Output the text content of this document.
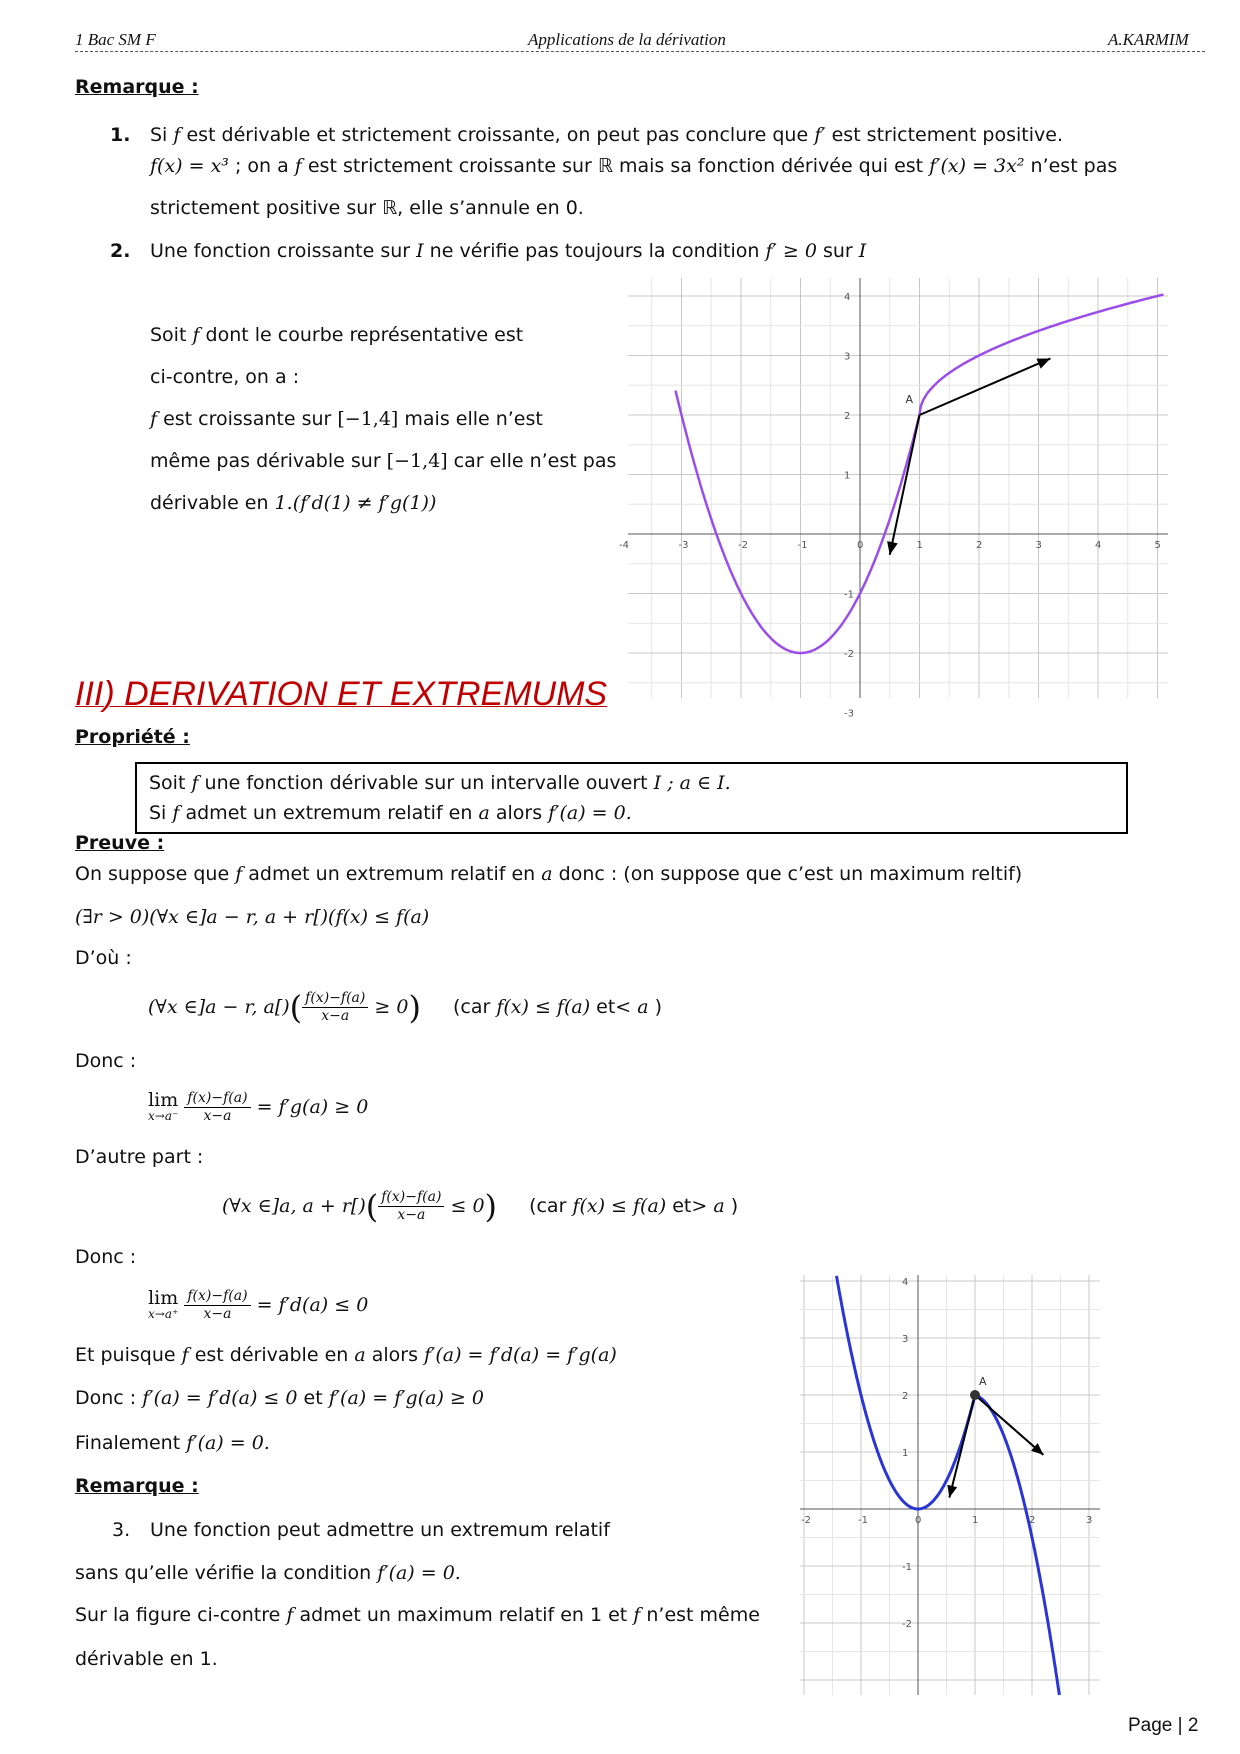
1 Bac SM F	Applications de la dérivation	A.KARMIM
Remarque :
1. Si f est dérivable et strictement croissante, on peut pas conclure que f′ est strictement positive.
f(x) = x³ ; on a f est strictement croissante sur ℝ mais sa fonction dérivée qui est f′(x) = 3x² n’est pas
strictement positive sur ℝ, elle s’annule en 0.
2. Une fonction croissante sur I ne vérifie pas toujours la condition f′ ≥ 0 sur I
Soit f dont le courbe représentative est
ci-contre, on a :
f est croissante sur [−1,4] mais elle n’est
même pas dérivable sur [−1,4] car elle n’est pas
dérivable en 1.(f′d(1) ≠ f′g(1))
A
-4	-3	-2	-1	0	1	2	3	4	5
4
3
2
1
-1
-2
-3
III) DERIVATION ET EXTREMUMS
Propriété :
Soit f une fonction dérivable sur un intervalle ouvert I ; a ∈ I.
Si f admet un extremum relatif en a alors f′(a) = 0.
Preuve :
On suppose que f admet un extremum relatif en a donc : (on suppose que c’est un maximum reltif)
(∃r > 0)(∀x ∈]a − r, a + r[)(f(x) ≤ f(a)
D’où :
(∀x ∈]a − r, $a[)( \frac{f(x)-f(a)}{x-a} \ge 0)$ (car f(x) ≤ f(a) et< a )
Donc :
lim
x→a⁻
$\frac{f(x)-f(a)}{x-a} = f'g(a) \ge 0$
D’autre part :
(∀x ∈]a, $a + r[)( \frac{f(x)-f(a)}{x-a} \le 0)$ (car f(x) ≤ f(a) et> a )
Donc :
lim
x→a⁺
$\frac{f(x)-f(a)}{x-a} = f'd(a) \le 0$
Et puisque f est dérivable en a alors f′(a) = f′d(a) = f′g(a)
Donc : f′(a) = f′d(a) ≤ 0 et f′(a) = f′g(a) ≥ 0
Finalement f′(a) = 0.
Remarque :
3. Une fonction peut admettre un extremum relatif
sans qu’elle vérifie la condition f′(a) = 0.
Sur la figure ci-contre f admet un maximum relatif en 1 et f n’est même
dérivable en 1.
A
-2	-1	0	1	2	3
4
3
2
1
-1
-2
Page | 2
